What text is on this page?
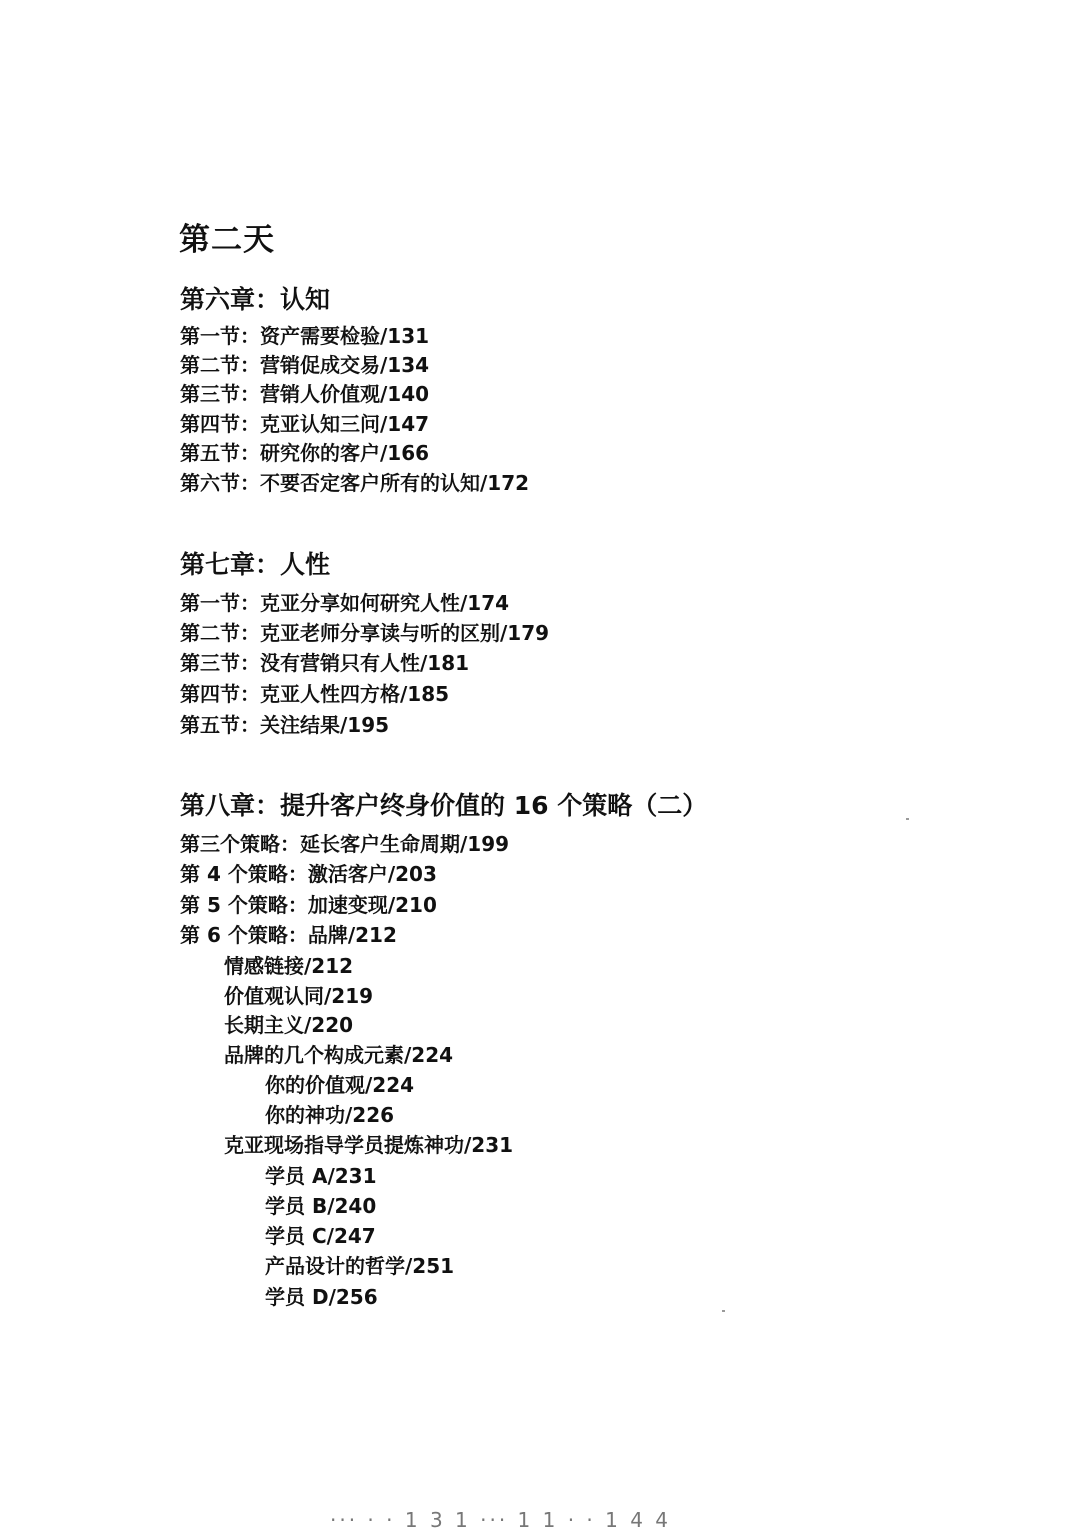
第二天
第六章：认知
第一节：资产需要检验/131
第二节：营销促成交易/134
第三节：营销人价值观/140
第四节：克亚认知三问/147
第五节：研究你的客户/166
第六节：不要否定客户所有的认知/172
第七章：人性
第一节：克亚分享如何研究人性/174
第二节：克亚老师分享读与听的区别/179
第三节：没有营销只有人性/181
第四节：克亚人性四方格/185
第五节：关注结果/195
第八章：提升客户终身价值的 16 个策略（二）
第三个策略：延长客户生命周期/199
第 4 个策略：激活客户/203
第 5 个策略：加速变现/210
第 6 个策略：品牌/212
情感链接/212
价值观认同/219
长期主义/220
品牌的几个构成元素/224
你的价值观/224
你的神功/226
克亚现场指导学员提炼神功/231
学员 A/231
学员 B/240
学员 C/247
产品设计的哲学/251
学员 D/256
··· · · 1 3 1 ··· 1 1 · · 1 4 4
